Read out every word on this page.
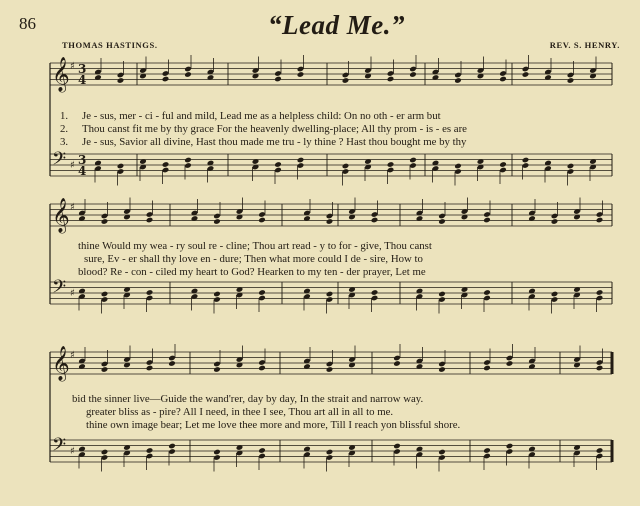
86	“Lead Me.”
THOMAS HASTINGS.	REV. S. HENRY.
𝄞 ♯ 3
4
𝄢 ♯ 3
4
𝄞 ♯
𝄢 ♯
𝄞 ♯
𝄢 ♯
1.
2.
3.
Je - sus, mer - ci - ful and mild, Lead me as a helpless child: On no oth - er arm but
Thou canst fit me by thy grace For the heavenly dwelling-place; All thy prom - is - es are
Je - sus, Savior all divine, Hast thou made me tru - ly thine ? Hast thou bought me by thy
thine Would my wea - ry soul re - cline; Thou art read - y to for - give, Thou canst
sure, Ev - er shall thy love en - dure; Then what more could I de - sire, How to
blood? Re - con - ciled my heart to God? Hearken to my ten - der prayer, Let me
bid the sinner live—Guide the wand'rer, day by day, In the strait and narrow way.
greater bliss as - pire? All I need, in thee I see, Thou art all in all to me.
thine own image bear; Let me love thee more and more, Till I reach yon blissful shore.
